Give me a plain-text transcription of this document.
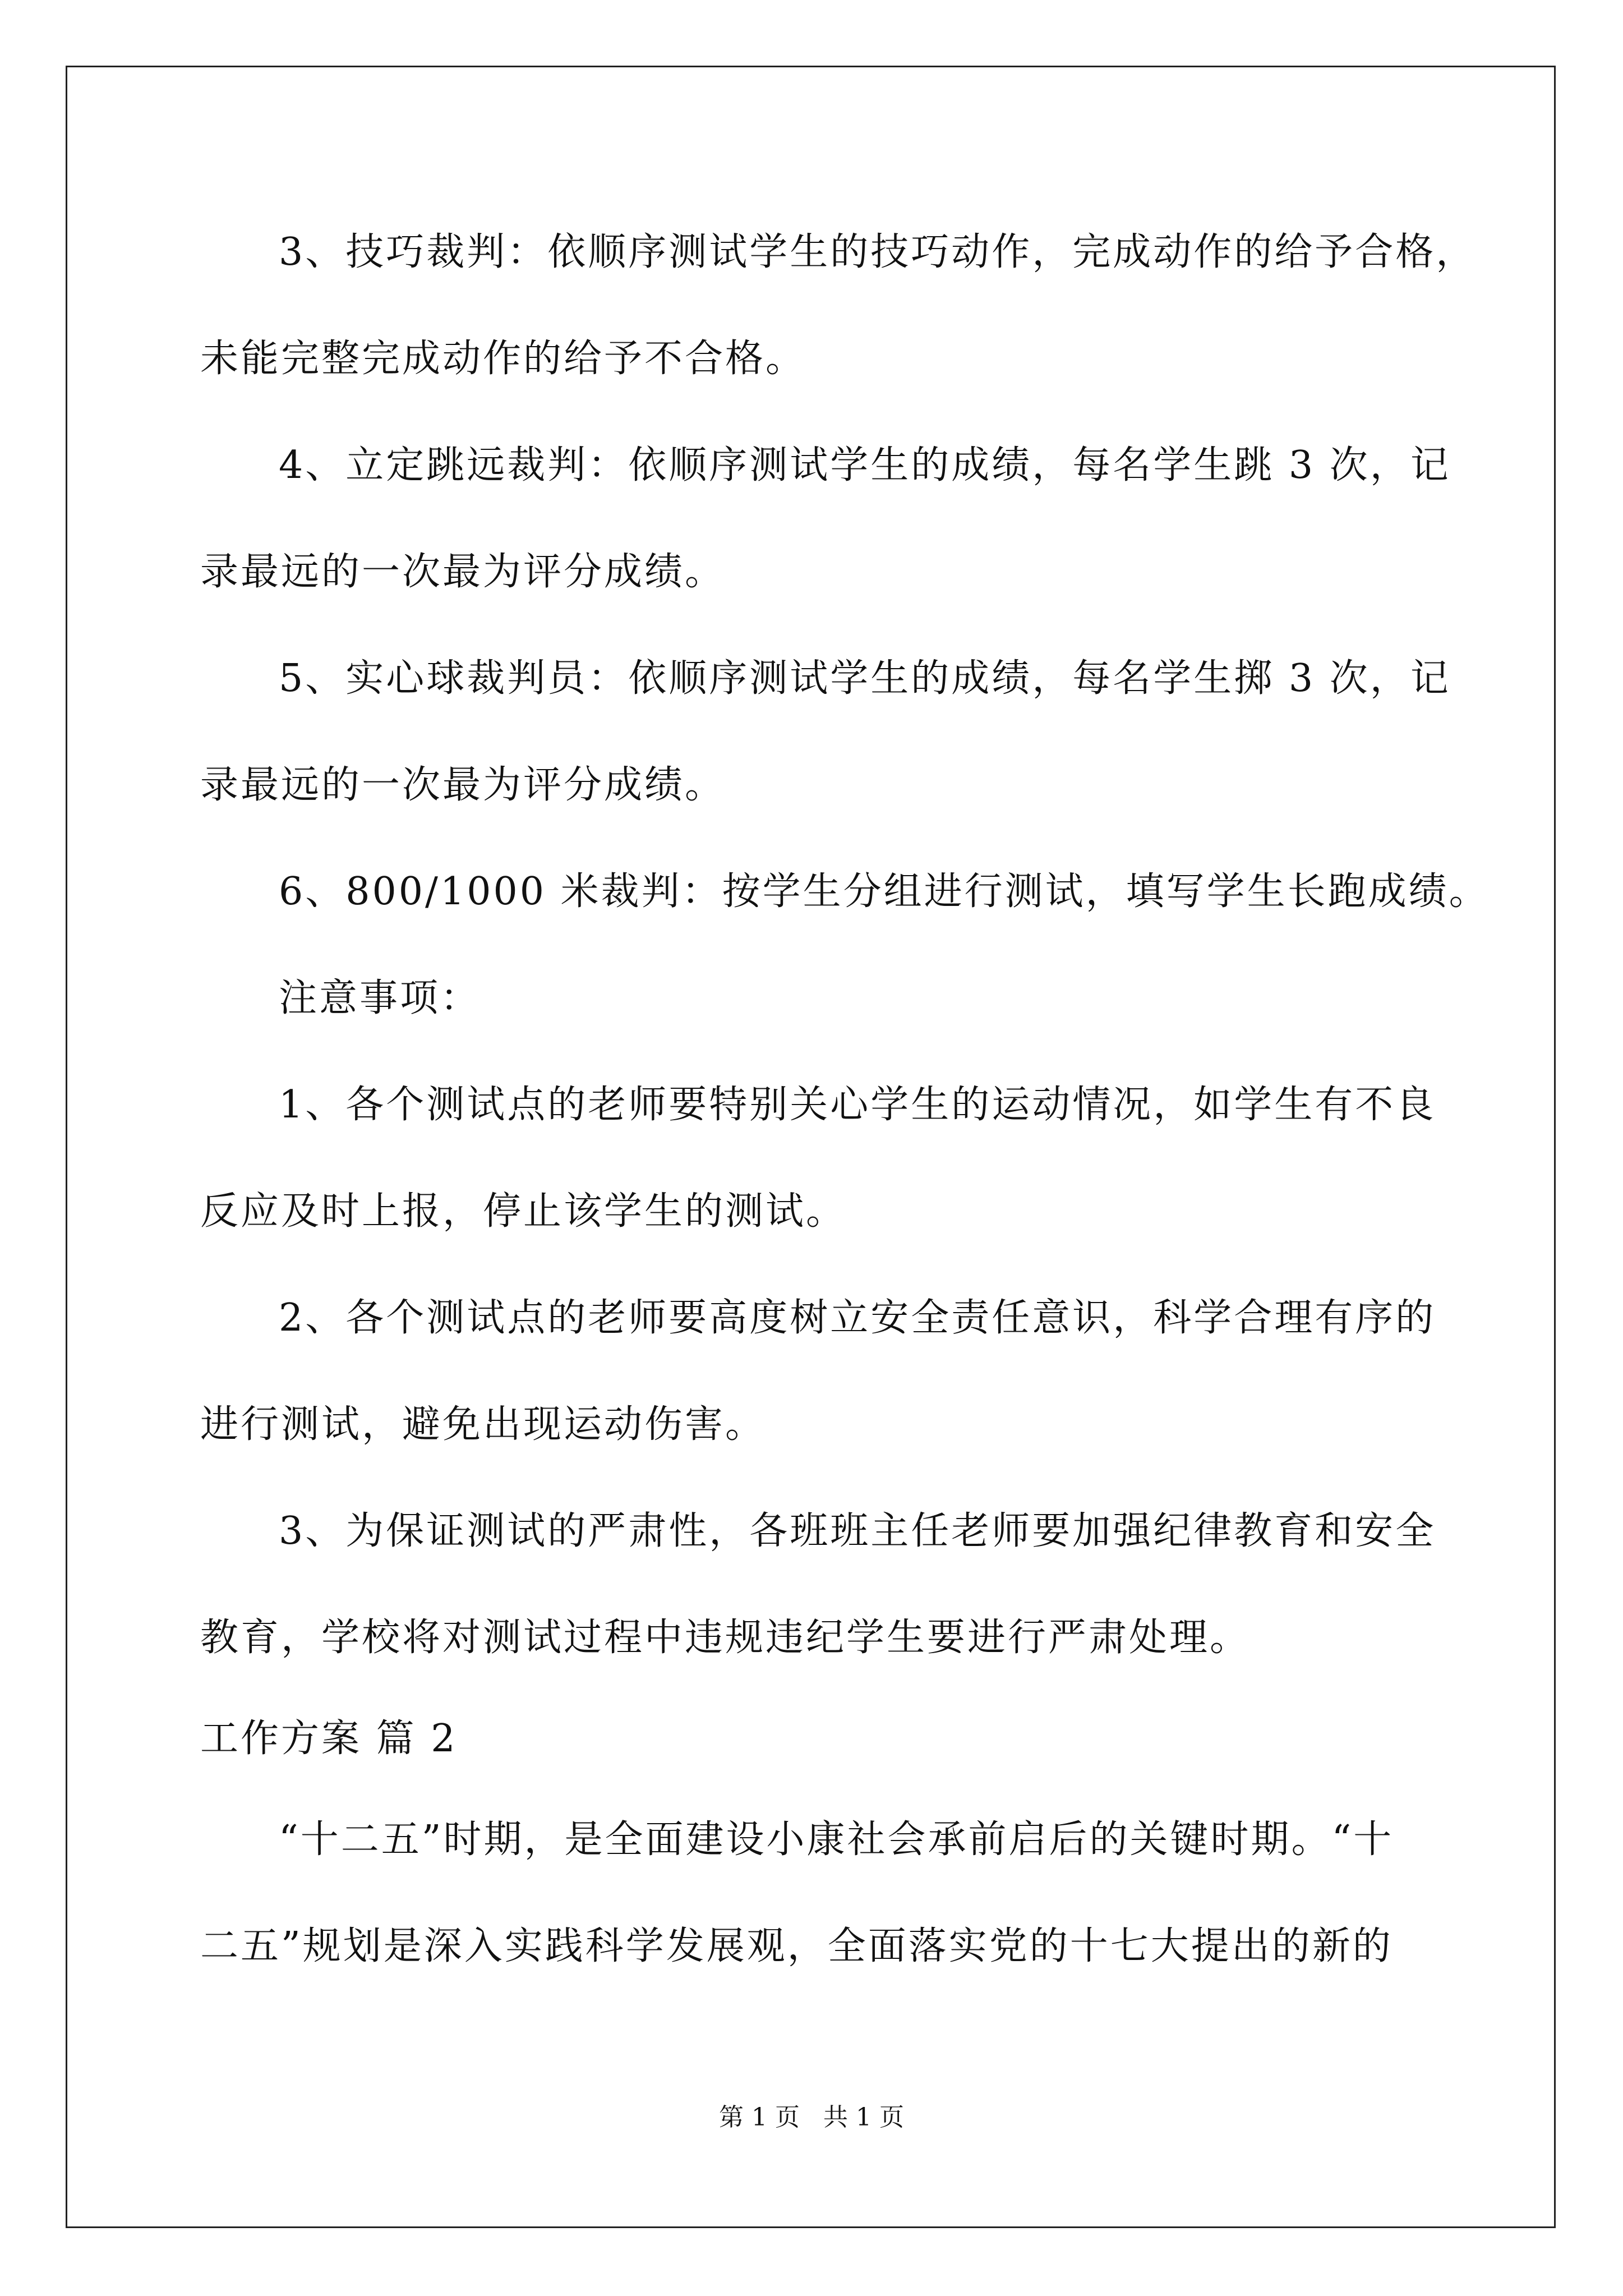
3、技巧裁判：依顺序测试学生的技巧动作，完成动作的给予合格，
未能完整完成动作的给予不合格。
4、立定跳远裁判：依顺序测试学生的成绩，每名学生跳 3 次，记
录最远的一次最为评分成绩。
5、实心球裁判员：依顺序测试学生的成绩，每名学生掷 3 次，记
录最远的一次最为评分成绩。
6、800/1000 米裁判：按学生分组进行测试，填写学生长跑成绩。
注意事项：
1、各个测试点的老师要特别关心学生的运动情况，如学生有不良
反应及时上报，停止该学生的测试。
2、各个测试点的老师要高度树立安全责任意识，科学合理有序的
进行测试，避免出现运动伤害。
3、为保证测试的严肃性，各班班主任老师要加强纪律教育和安全
教育，学校将对测试过程中违规违纪学生要进行严肃处理。
工作方案 篇 2
“十二五”时期，是全面建设小康社会承前启后的关键时期。“十
二五”规划是深入实践科学发展观，全面落实党的十七大提出的新的
第 1 页   共 1 页
